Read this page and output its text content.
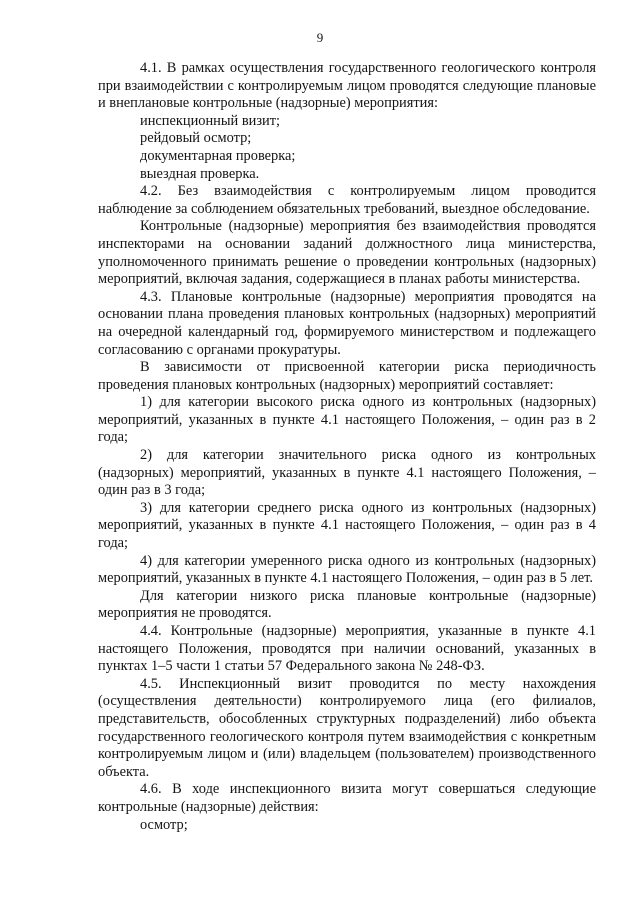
9

4.1. В рамках осуществления государственного геологического контроля при взаимодействии с контролируемым лицом проводятся следующие плановые и внеплановые контрольные (надзорные) мероприятия:

инспекционный визит;

рейдовый осмотр;

документарная проверка;

выездная проверка.

4.2. Без взаимодействия с контролируемым лицом проводится наблюдение за соблюдением обязательных требований, выездное обследование.

Контрольные (надзорные) мероприятия без взаимодействия проводятся инспекторами на основании заданий должностного лица министерства, уполномоченного принимать решение о проведении контрольных (надзорных) мероприятий, включая задания, содержащиеся в планах работы министерства.

4.3. Плановые контрольные (надзорные) мероприятия проводятся на основании плана проведения плановых контрольных (надзорных) мероприятий на очередной календарный год, формируемого министерством и подлежащего согласованию с органами прокуратуры.

В зависимости от присвоенной категории риска периодичность проведения плановых контрольных (надзорных) мероприятий составляет:

1) для категории высокого риска одного из контрольных (надзорных) мероприятий, указанных в пункте 4.1 настоящего Положения, – один раз в 2 года;

2) для категории значительного риска одного из контрольных (надзорных) мероприятий, указанных в пункте 4.1 настоящего Положения, – один раз в 3 года;

3) для категории среднего риска одного из контрольных (надзорных) мероприятий, указанных в пункте 4.1 настоящего Положения, – один раз в 4 года;

4) для категории умеренного риска одного из контрольных (надзорных) мероприятий, указанных в пункте 4.1 настоящего Положения, – один раз в 5 лет.

Для категории низкого риска плановые контрольные (надзорные) мероприятия не проводятся.

4.4. Контрольные (надзорные) мероприятия, указанные в пункте 4.1 настоящего Положения, проводятся при наличии оснований, указанных в пунктах 1–5 части 1 статьи 57 Федерального закона № 248-ФЗ.

4.5. Инспекционный визит проводится по месту нахождения (осуществления деятельности) контролируемого лица (его филиалов, представительств, обособленных структурных подразделений) либо объекта государственного геологического контроля путем взаимодействия с конкретным контролируемым лицом и (или) владельцем (пользователем) производственного объекта.

4.6. В ходе инспекционного визита могут совершаться следующие контрольные (надзорные) действия:

осмотр;
